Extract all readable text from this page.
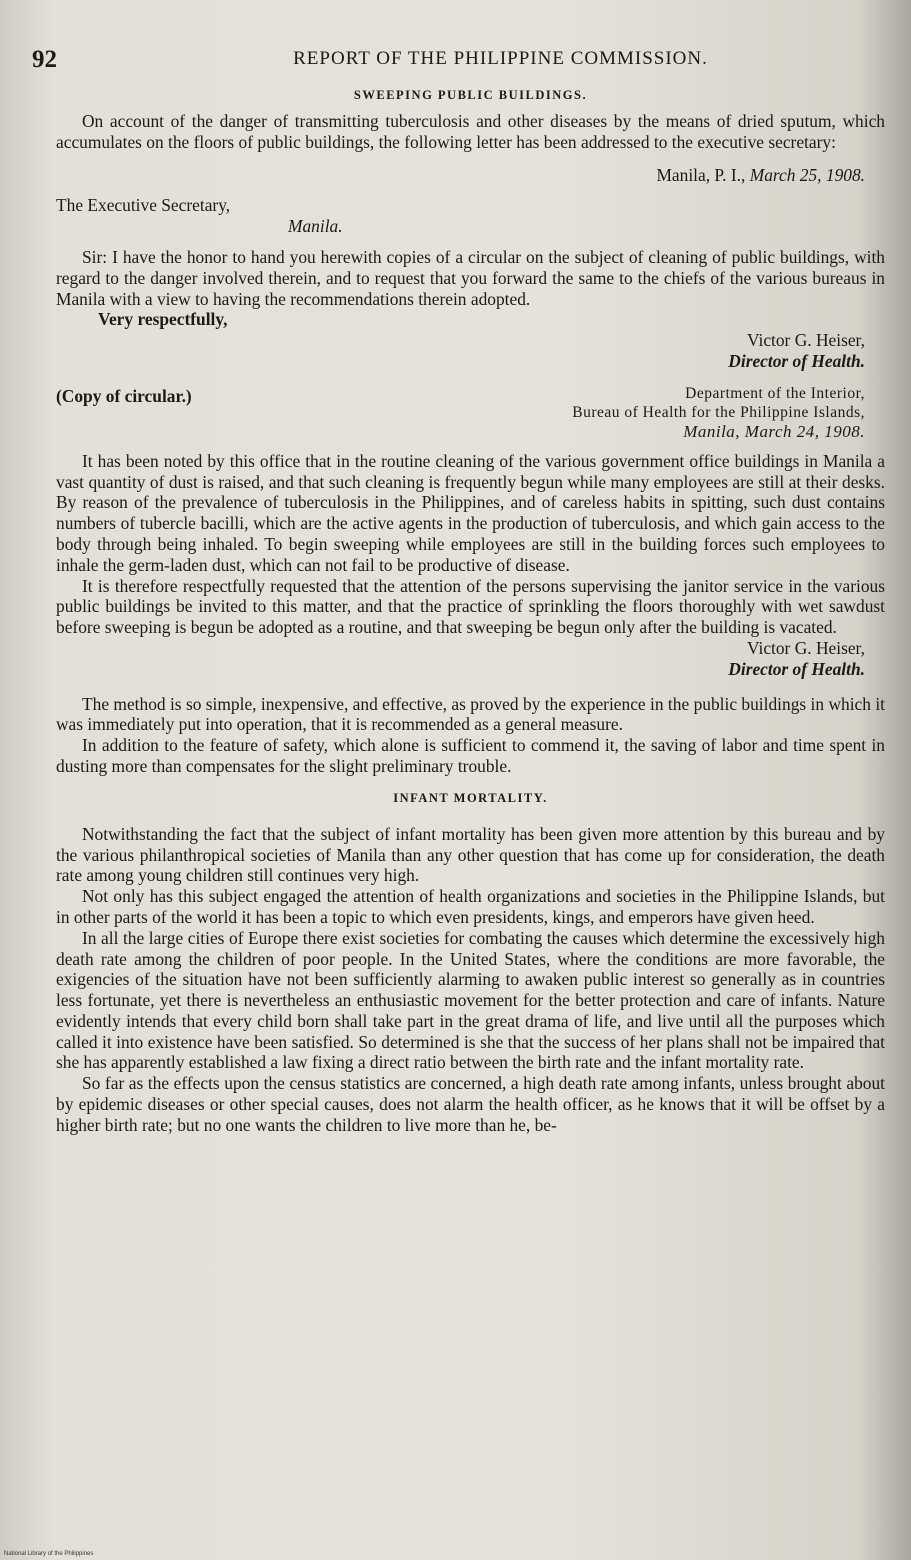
92	REPORT OF THE PHILIPPINE COMMISSION.
SWEEPING PUBLIC BUILDINGS.

On account of the danger of transmitting tuberculosis and other diseases by the means of dried sputum, which accumulates on the floors of public buildings, the following letter has been addressed to the executive secretary:

Manila, P. I., March 25, 1908.
The Executive Secretary,
Manila.

Sir: I have the honor to hand you herewith copies of a circular on the subject of cleaning of public buildings, with regard to the danger involved therein, and to request that you forward the same to the chiefs of the various bureaus in Manila with a view to having the recommendations therein adopted.

Very respectfully,
Victor G. Heiser,
Director of Health.
(Copy of circular.)	Department of the Interior,
Bureau of Health for the Philippine Islands,
Manila, March 24, 1908.

It has been noted by this office that in the routine cleaning of the various government office buildings in Manila a vast quantity of dust is raised, and that such cleaning is frequently begun while many employees are still at their desks. By reason of the prevalence of tuberculosis in the Philippines, and of careless habits in spitting, such dust contains numbers of tubercle bacilli, which are the active agents in the production of tuberculosis, and which gain access to the body through being inhaled. To begin sweeping while employees are still in the building forces such employees to inhale the germ-laden dust, which can not fail to be productive of disease.

It is therefore respectfully requested that the attention of the persons supervising the janitor service in the various public buildings be invited to this matter, and that the practice of sprinkling the floors thoroughly with wet sawdust before sweeping is begun be adopted as a routine, and that sweeping be begun only after the building is vacated.

Victor G. Heiser,
Director of Health.

The method is so simple, inexpensive, and effective, as proved by the experience in the public buildings in which it was immediately put into operation, that it is recommended as a general measure.

In addition to the feature of safety, which alone is sufficient to commend it, the saving of labor and time spent in dusting more than compensates for the slight preliminary trouble.

INFANT MORTALITY.

Notwithstanding the fact that the subject of infant mortality has been given more attention by this bureau and by the various philanthropical societies of Manila than any other question that has come up for consideration, the death rate among young children still continues very high.

Not only has this subject engaged the attention of health organizations and societies in the Philippine Islands, but in other parts of the world it has been a topic to which even presidents, kings, and emperors have given heed.

In all the large cities of Europe there exist societies for combating the causes which determine the excessively high death rate among the children of poor people. In the United States, where the conditions are more favorable, the exigencies of the situation have not been sufficiently alarming to awaken public interest so generally as in countries less fortunate, yet there is nevertheless an enthusiastic movement for the better protection and care of infants. Nature evidently intends that every child born shall take part in the great drama of life, and live until all the purposes which called it into existence have been satisfied. So determined is she that the success of her plans shall not be impaired that she has apparently established a law fixing a direct ratio between the birth rate and the infant mortality rate.

So far as the effects upon the census statistics are concerned, a high death rate among infants, unless brought about by epidemic diseases or other special causes, does not alarm the health officer, as he knows that it will be offset by a higher birth rate; but no one wants the children to live more than he, be-

National Library of the Philippines
